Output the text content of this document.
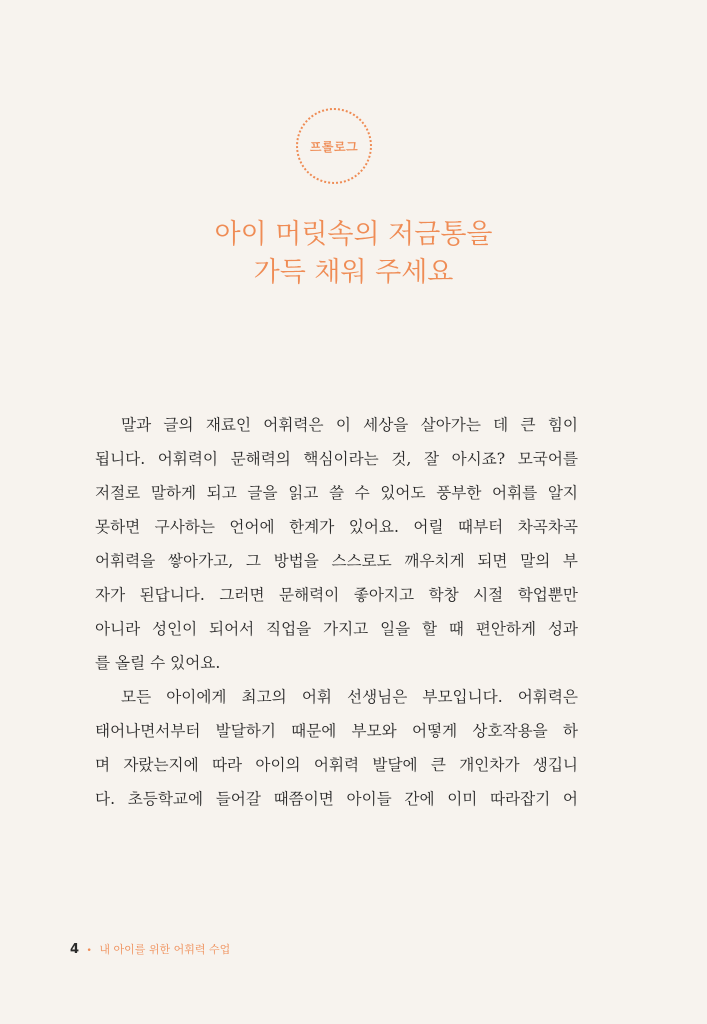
프롤로그
아이 머릿속의 저금통을
가득 채워 주세요
말과 글의 재료인 어휘력은 이 세상을 살아가는 데 큰 힘이
됩니다. 어휘력이 문해력의 핵심이라는 것, 잘 아시죠? 모국어를
저절로 말하게 되고 글을 읽고 쓸 수 있어도 풍부한 어휘를 알지
못하면 구사하는 언어에 한계가 있어요. 어릴 때부터 차곡차곡
어휘력을 쌓아가고, 그 방법을 스스로도 깨우치게 되면 말의 부
자가 된답니다. 그러면 문해력이 좋아지고 학창 시절 학업뿐만
아니라 성인이 되어서 직업을 가지고 일을 할 때 편안하게 성과
를 올릴 수 있어요.
모든 아이에게 최고의 어휘 선생님은 부모입니다. 어휘력은
태어나면서부터 발달하기 때문에 부모와 어떻게 상호작용을 하
며 자랐는지에 따라 아이의 어휘력 발달에 큰 개인차가 생깁니
다. 초등학교에 들어갈 때쯤이면 아이들 간에 이미 따라잡기 어
4 • 내 아이를 위한 어휘력 수업
